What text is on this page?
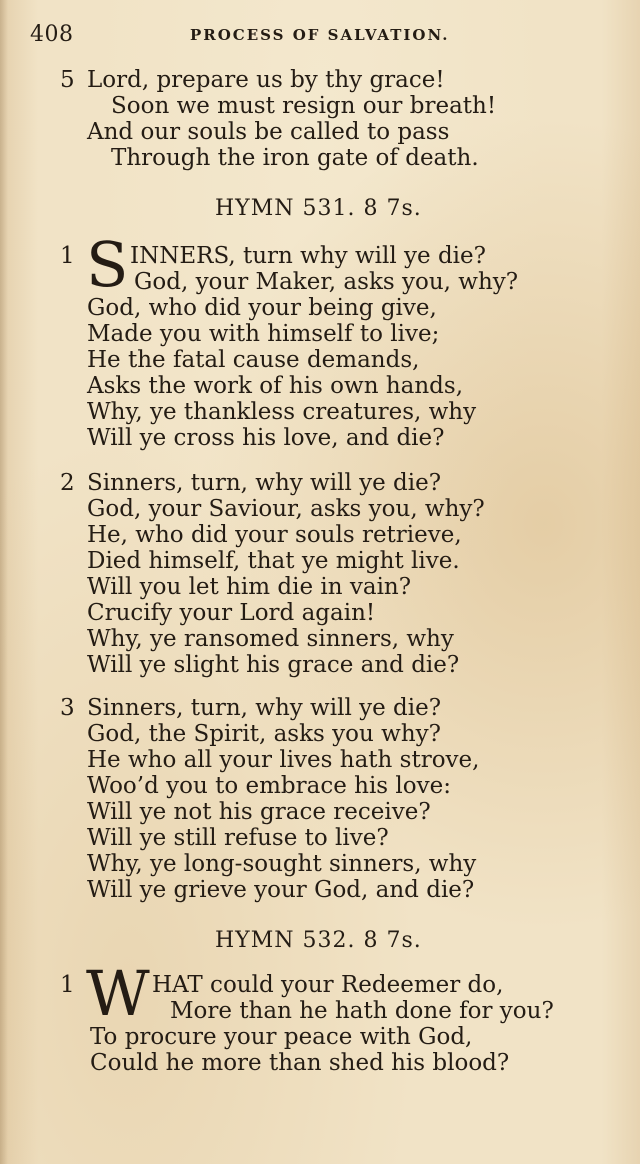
408	PROCESS OF SALVATION.
5 Lord, prepare us by thy grace!
Soon we must resign our breath!
And our souls be called to pass
Through the iron gate of death.
HYMN 531. 8 7s.
1 S INNERS, turn why will ye die?
God, your Maker, asks you, why?
God, who did your being give,
Made you with himself to live;
He the fatal cause demands,
Asks the work of his own hands,
Why, ye thankless creatures, why
Will ye cross his love, and die?
2 Sinners, turn, why will ye die?
God, your Saviour, asks you, why?
He, who did your souls retrieve,
Died himself, that ye might live.
Will you let him die in vain?
Crucify your Lord again!
Why, ye ransomed sinners, why
Will ye slight his grace and die?
3 Sinners, turn, why will ye die?
God, the Spirit, asks you why?
He who all your lives hath strove,
Woo’d you to embrace his love:
Will ye not his grace receive?
Will ye still refuse to live?
Why, ye long-sought sinners, why
Will ye grieve your God, and die?
HYMN 532. 8 7s.
1 W HAT could your Redeemer do,
More than he hath done for you?
To procure your peace with God,
Could he more than shed his blood?
